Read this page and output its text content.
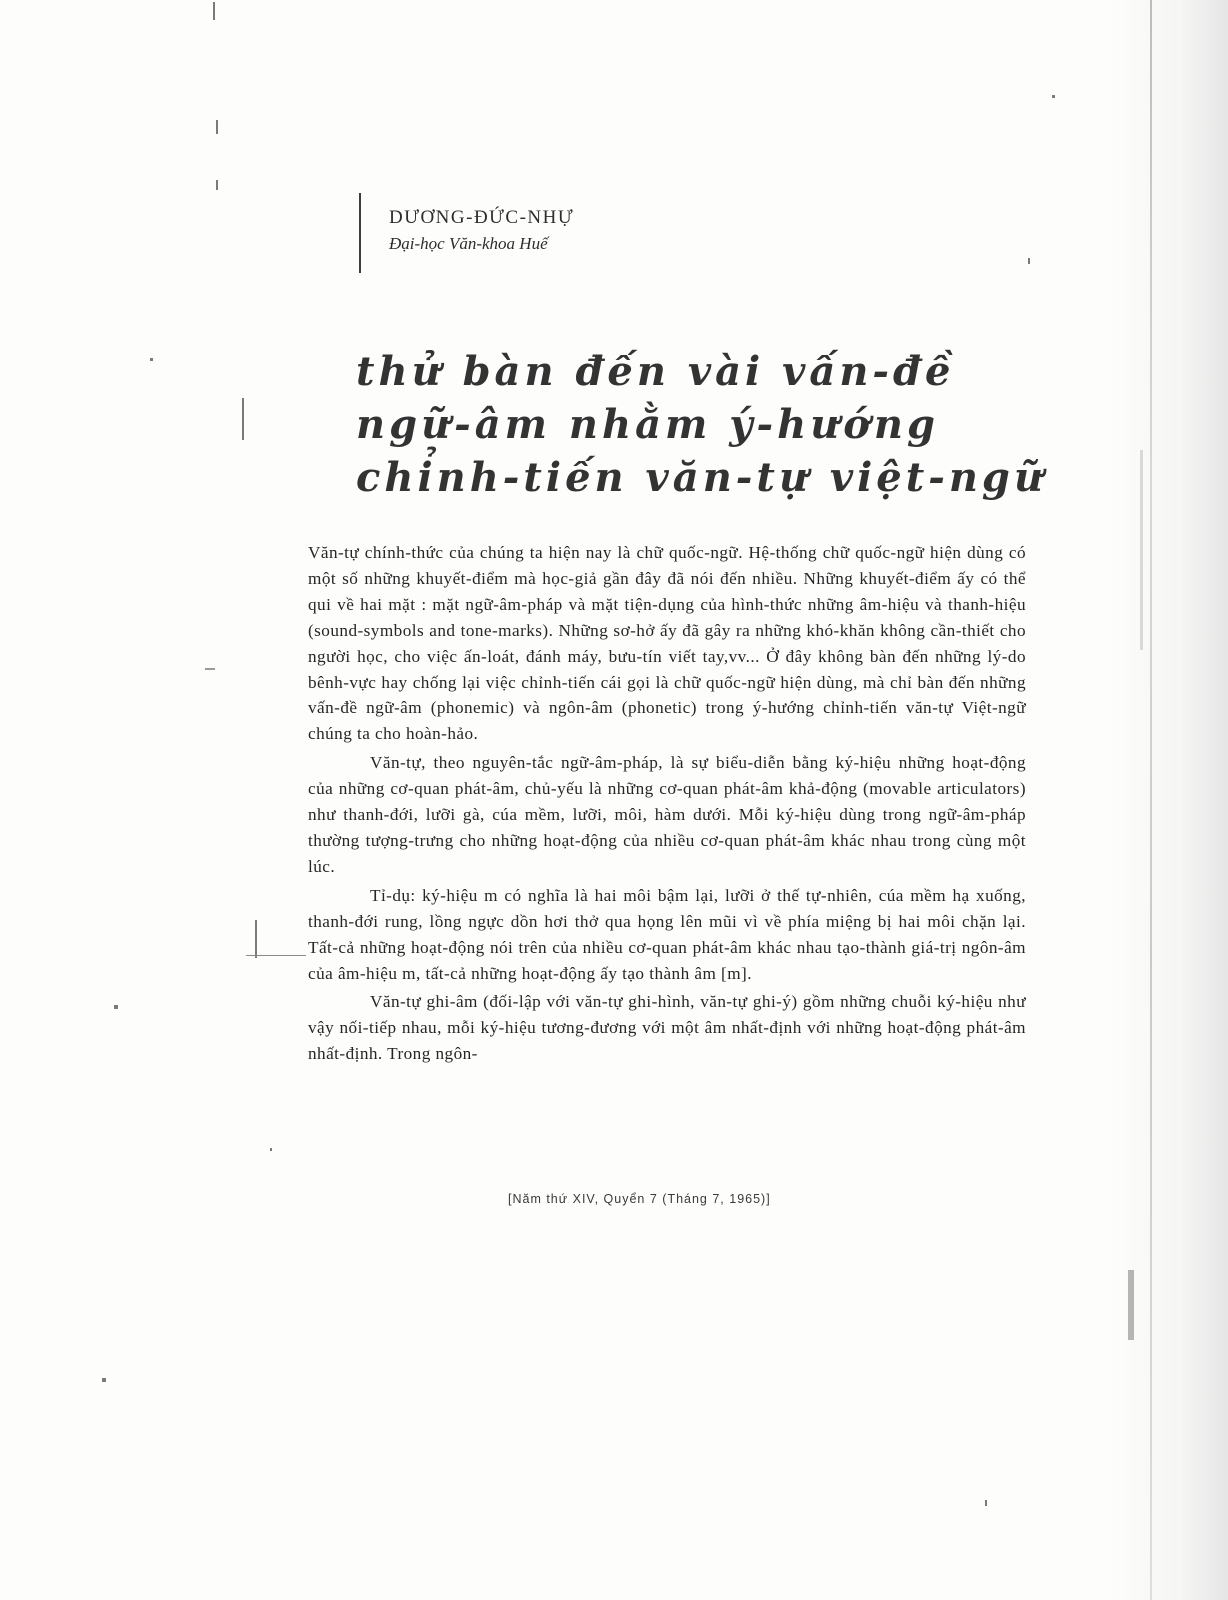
DƯƠNG-ĐỨC-NHỰ
Đại-học Văn-khoa Huế
thử bàn đến vài vấn-đề
ngữ-âm nhằm ý-hướng
chỉnh-tiến văn-tự việt-ngữ

Văn-tự chính-thức của chúng ta hiện nay là chữ quốc-ngữ. Hệ-thống chữ quốc-ngữ hiện dùng có một số những khuyết-điểm mà học-giả gần đây đã nói đến nhiều. Những khuyết-điểm ấy có thể qui về hai mặt : mặt ngữ-âm-pháp và mặt tiện-dụng của hình-thức những âm-hiệu và thanh-hiệu (sound-symbols and tone-marks). Những sơ-hở ấy đã gây ra những khó-khăn không cần-thiết cho người học, cho việc ấn-loát, đánh máy, bưu-tín viết tay,vv... Ở đây không bàn đến những lý-do bênh-vực hay chống lại việc chỉnh-tiến cái gọi là chữ quốc-ngữ hiện dùng, mà chỉ bàn đến những vấn-đề ngữ-âm (phonemic) và ngôn-âm (phonetic) trong ý-hướng chỉnh-tiến văn-tự Việt-ngữ chúng ta cho hoàn-hảo.

Văn-tự, theo nguyên-tắc ngữ-âm-pháp, là sự biểu-diễn bằng ký-hiệu những hoạt-động của những cơ-quan phát-âm, chủ-yếu là những cơ-quan phát-âm khả-động (movable articulators) như thanh-đới, lưỡi gà, cúa mềm, lưỡi, môi, hàm dưới. Mỗi ký-hiệu dùng trong ngữ-âm-pháp thường tượng-trưng cho những hoạt-động của nhiều cơ-quan phát-âm khác nhau trong cùng một lúc.

Tỉ-dụ: ký-hiệu m có nghĩa là hai môi bậm lại, lưỡi ở thế tự-nhiên, cúa mềm hạ xuống, thanh-đới rung, lồng ngực dồn hơi thở qua họng lên mũi vì về phía miệng bị hai môi chặn lại. Tất-cả những hoạt-động nói trên của nhiều cơ-quan phát-âm khác nhau tạo-thành giá-trị ngôn-âm của âm-hiệu m, tất-cả những hoạt-động ấy tạo thành âm [m].

Văn-tự ghi-âm (đối-lập với văn-tự ghi-hình, văn-tự ghi-ý) gồm những chuỗi ký-hiệu như vậy nối-tiếp nhau, mỗi ký-hiệu tương-đương với một âm nhất-định với những hoạt-động phát-âm nhất-định. Trong ngôn-

[Năm thứ XIV, Quyển 7 (Tháng 7, 1965)]
